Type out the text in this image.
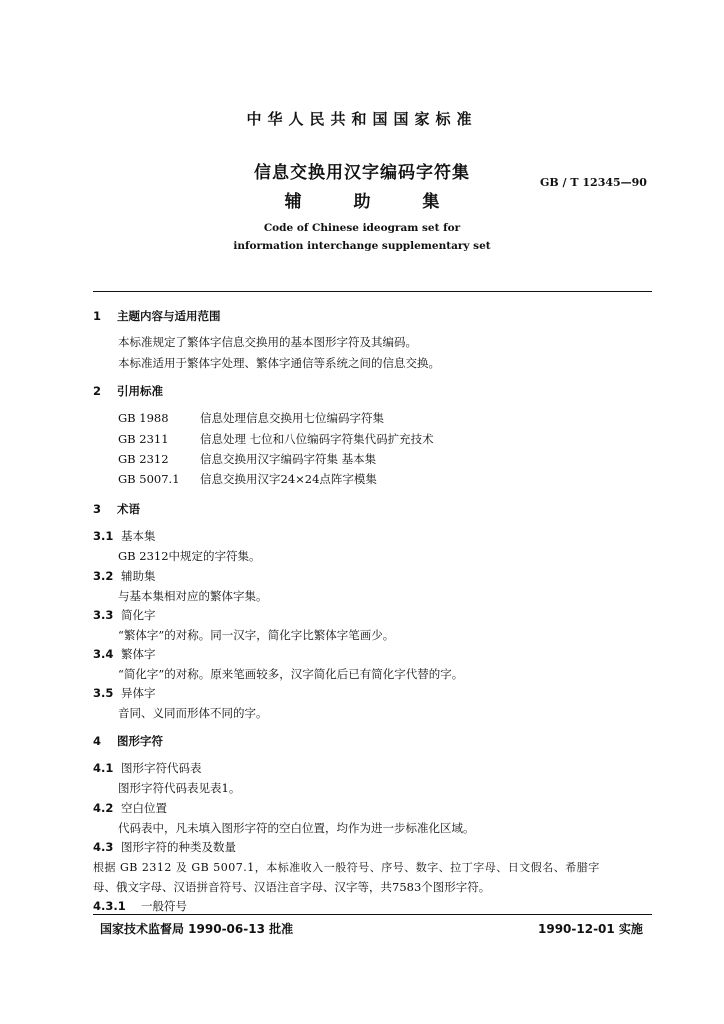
中华人民共和国国家标准
信息交换用汉字编码字符集
辅 助 集
GB / T 12345—90
Code of Chinese ideogram set for
information interchange supplementary set
1 主题内容与适用范围
本标准规定了繁体字信息交换用的基本图形字符及其编码。
本标准适用于繁体字处理、繁体字通信等系统之间的信息交换。
2 引用标准
GB 1988	信息处理信息交换用七位编码字符集
GB 2311	信息处理 七位和八位编码字符集代码扩充技术
GB 2312	信息交换用汉字编码字符集 基本集
GB 5007.1 信息交换用汉字24×24点阵字模集
3 术语
3.1 基本集
GB 2312中规定的字符集。
3.2 辅助集
与基本集相对应的繁体字集。
3.3 简化字
“繁体字”的对称。同一汉字，简化字比繁体字笔画少。
3.4 繁体字
“简化字”的对称。原来笔画较多，汉字简化后已有简化字代替的字。
3.5 异体字
音同、义同而形体不同的字。
4 图形字符
4.1 图形字符代码表
图形字符代码表见表1。
4.2 空白位置
代码表中，凡未填入图形字符的空白位置，均作为进一步标准化区域。
4.3 图形字符的种类及数量
根据 GB 2312 及 GB 5007.1，本标准收入一般符号、序号、数字、拉丁字母、日文假名、希腊字
母、俄文字母、汉语拼音符号、汉语注音字母、汉字等，共7583个图形字符。
4.3.1 一般符号
国家技术监督局 1990-06-13 批准	1990-12-01 实施
